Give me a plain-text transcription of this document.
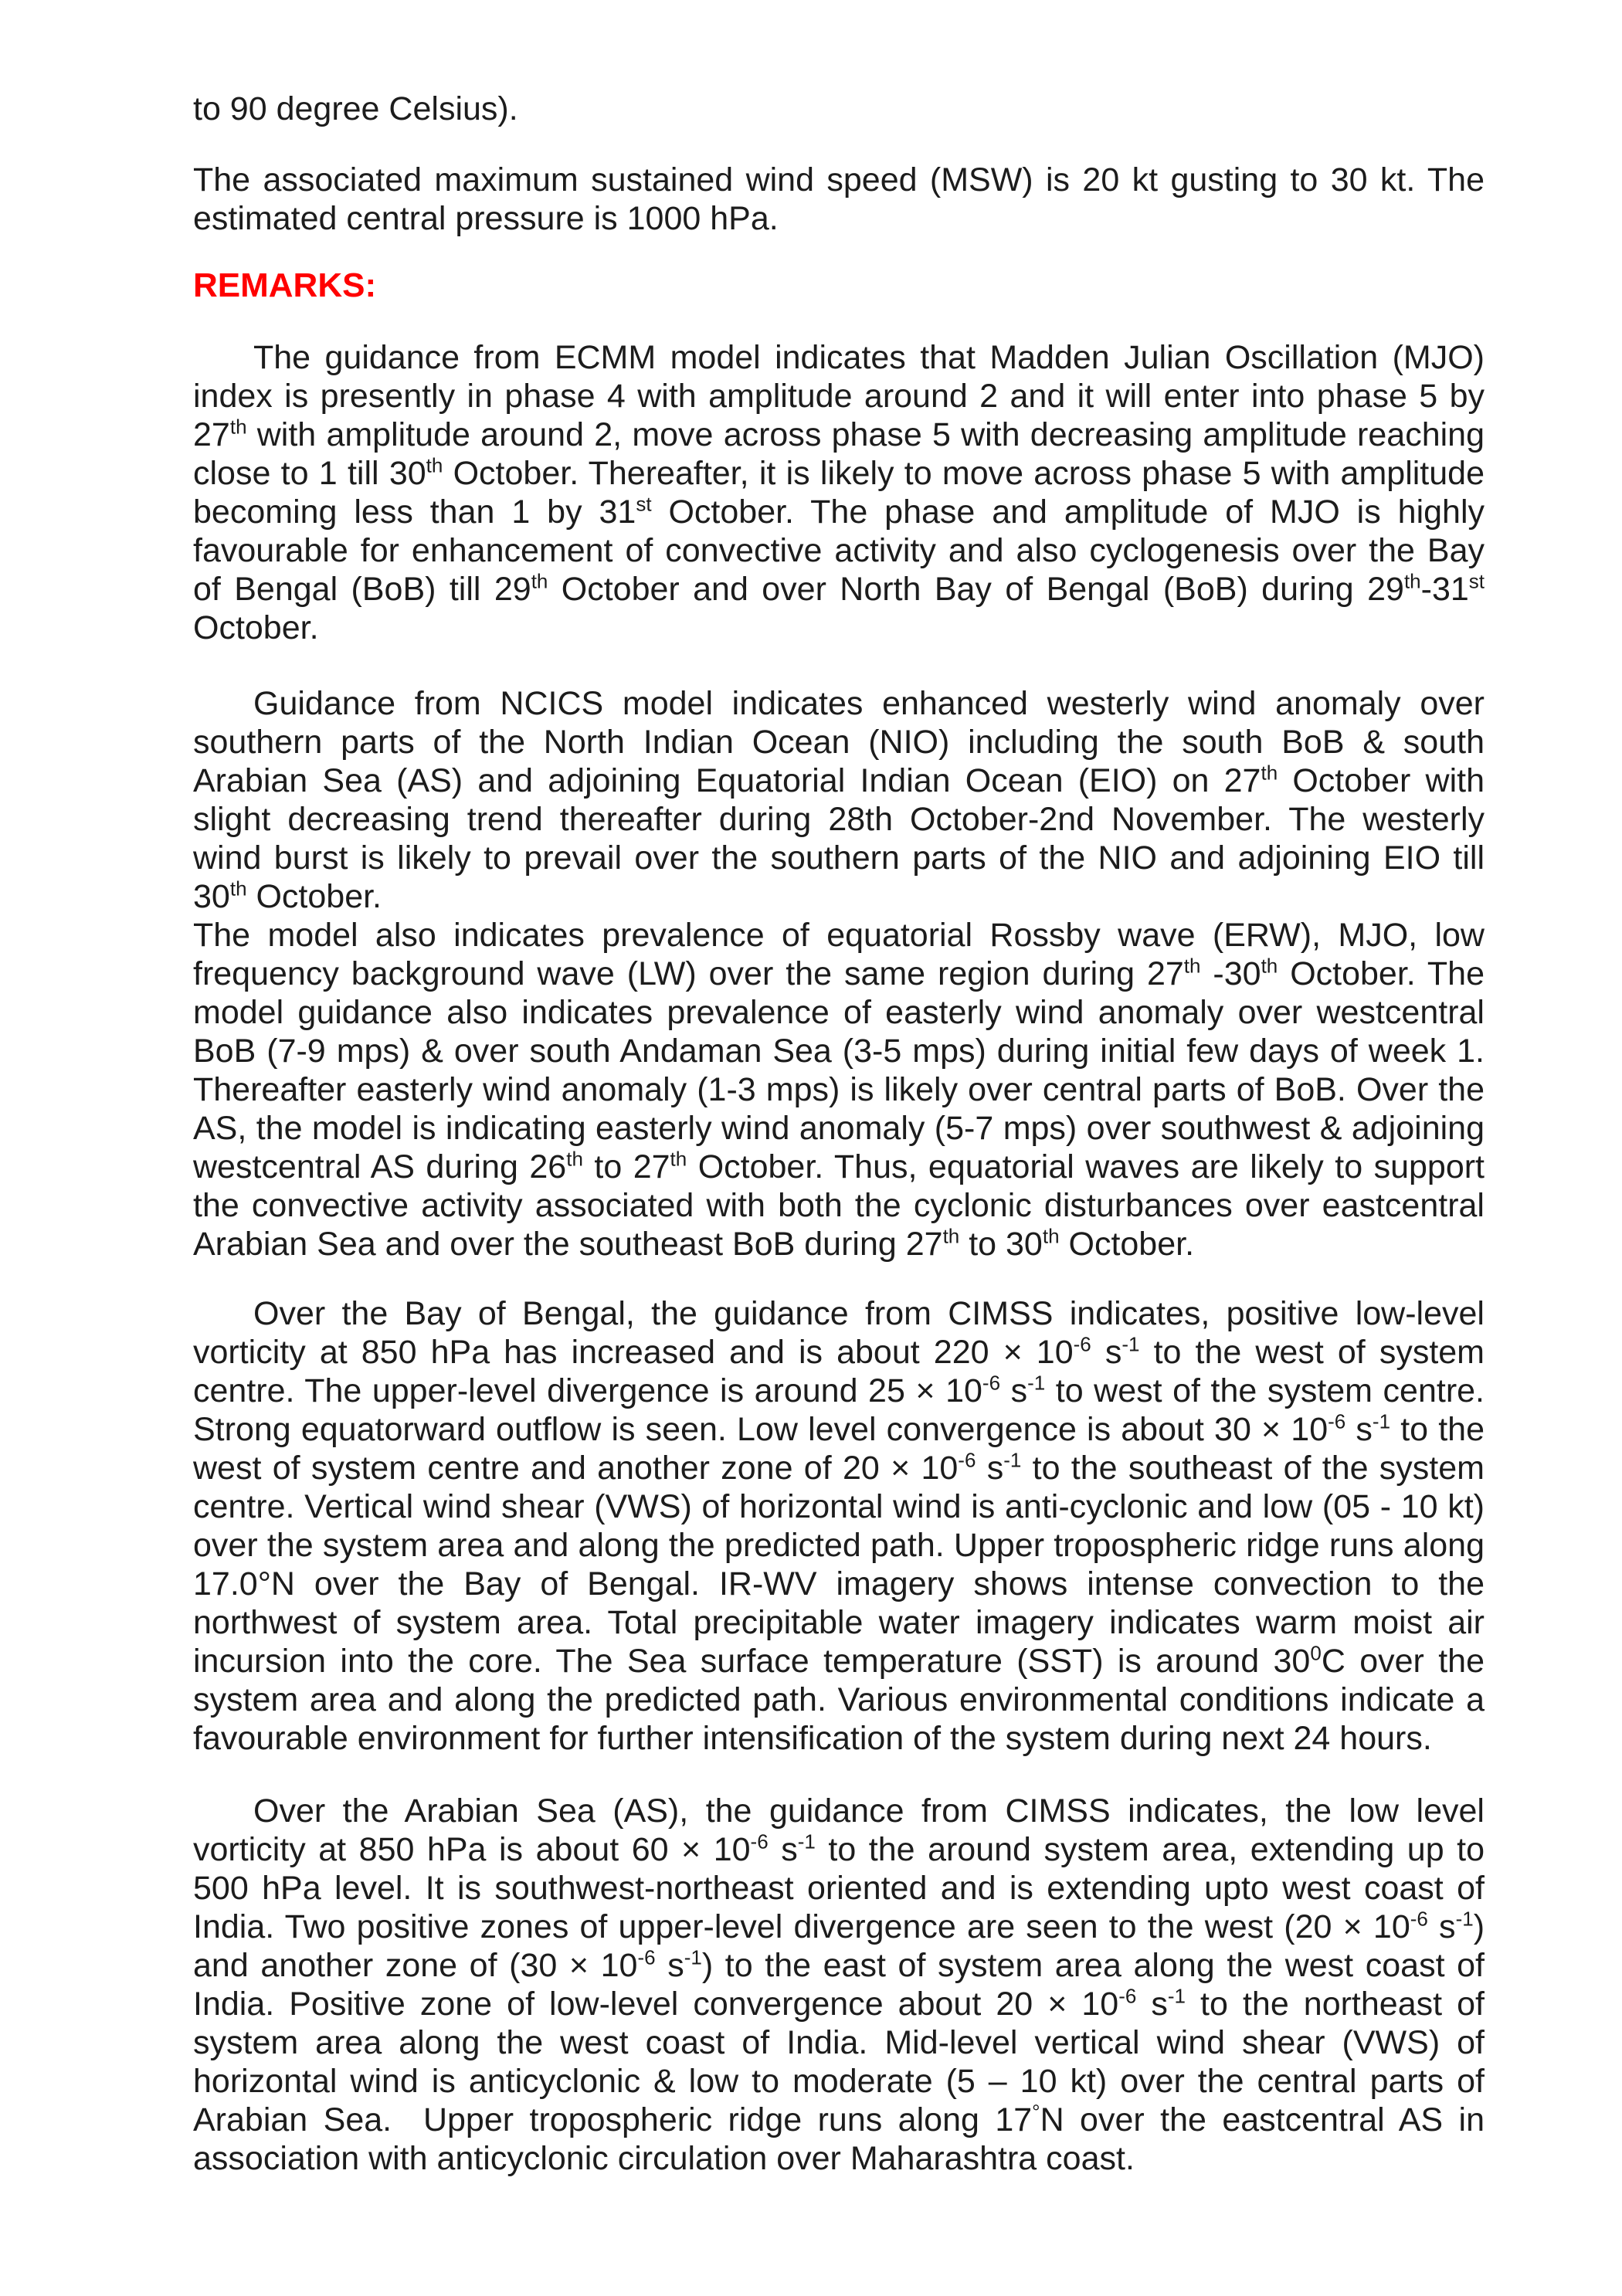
to 90 degree Celsius).

The associated maximum sustained wind speed (MSW) is 20 kt gusting to 30 kt. The estimated central pressure is 1000 hPa.

REMARKS:

The guidance from ECMM model indicates that Madden Julian Oscillation (MJO) index is presently in phase 4 with amplitude around 2 and it will enter into phase 5 by 27th with amplitude around 2, move across phase 5 with decreasing amplitude reaching close to 1 till 30th October. Thereafter, it is likely to move across phase 5 with amplitude becoming less than 1 by 31st October. The phase and amplitude of MJO is highly favourable for enhancement of convective activity and also cyclogenesis over the Bay of Bengal (BoB) till 29th October and over North Bay of Bengal (BoB) during 29th-31st October.

Guidance from NCICS model indicates enhanced westerly wind anomaly over southern parts of the North Indian Ocean (NIO) including the south BoB & south Arabian Sea (AS) and adjoining Equatorial Indian Ocean (EIO) on 27th October with slight decreasing trend thereafter during 28th October-2nd November. The westerly wind burst is likely to prevail over the southern parts of the NIO and adjoining EIO till 30th October.

The model also indicates prevalence of equatorial Rossby wave (ERW), MJO, low frequency background wave (LW) over the same region during 27th -30th October. The model guidance also indicates prevalence of easterly wind anomaly over westcentral BoB (7-9 mps) & over south Andaman Sea (3-5 mps) during initial few days of week 1. Thereafter easterly wind anomaly (1-3 mps) is likely over central parts of BoB. Over the AS, the model is indicating easterly wind anomaly (5-7 mps) over southwest & adjoining westcentral AS during 26th to 27th October. Thus, equatorial waves are likely to support the convective activity associated with both the cyclonic disturbances over eastcentral Arabian Sea and over the southeast BoB during 27th to 30th October.

Over the Bay of Bengal, the guidance from CIMSS indicates, positive low-level vorticity at 850 hPa has increased and is about $220 \times 10^{-6}$ $s^{-1}$ to the west of system centre. The upper-level divergence is around $25 \times 10^{-6}$ $s^{-1}$ to west of the system centre. Strong equatorward outflow is seen. Low level convergence is about $30 \times 10^{-6}$ $s^{-1}$ to the west of system centre and another zone of $20 \times 10^{-6}$ $s^{-1}$ to the southeast of the system centre. Vertical wind shear (VWS) of horizontal wind is anti-cyclonic and low (05 - 10 kt) over the system area and along the predicted path. Upper tropospheric ridge runs along 17.0°N over the Bay of Bengal. IR-WV imagery shows intense convection to the northwest of system area. Total precipitable water imagery indicates warm moist air incursion into the core. The Sea surface temperature (SST) is around $30^0C$ over the system area and along the predicted path. Various environmental conditions indicate a favourable environment for further intensification of the system during next 24 hours.

Over the Arabian Sea (AS), the guidance from CIMSS indicates, the low level vorticity at 850 hPa is about $60 \times 10^{-6}$ $s^{-1}$ to the around system area, extending up to 500 hPa level. It is southwest-northeast oriented and is extending upto west coast of India. Two positive zones of upper-level divergence are seen to the west ($20 \times 10^{-6}$ $s^{-1}$) and another zone of ($30 \times 10^{-6}$ $s^{-1}$) to the east of system area along the west coast of India. Positive zone of low-level convergence about $20 \times 10^{-6}$ $s^{-1}$ to the northeast of system area along the west coast of India. Mid-level vertical wind shear (VWS) of horizontal wind is anticyclonic & low to moderate (5 – 10 kt) over the central parts of Arabian Sea.  Upper tropospheric ridge runs along 17°N over the eastcentral AS in association with anticyclonic circulation over Maharashtra coast.
